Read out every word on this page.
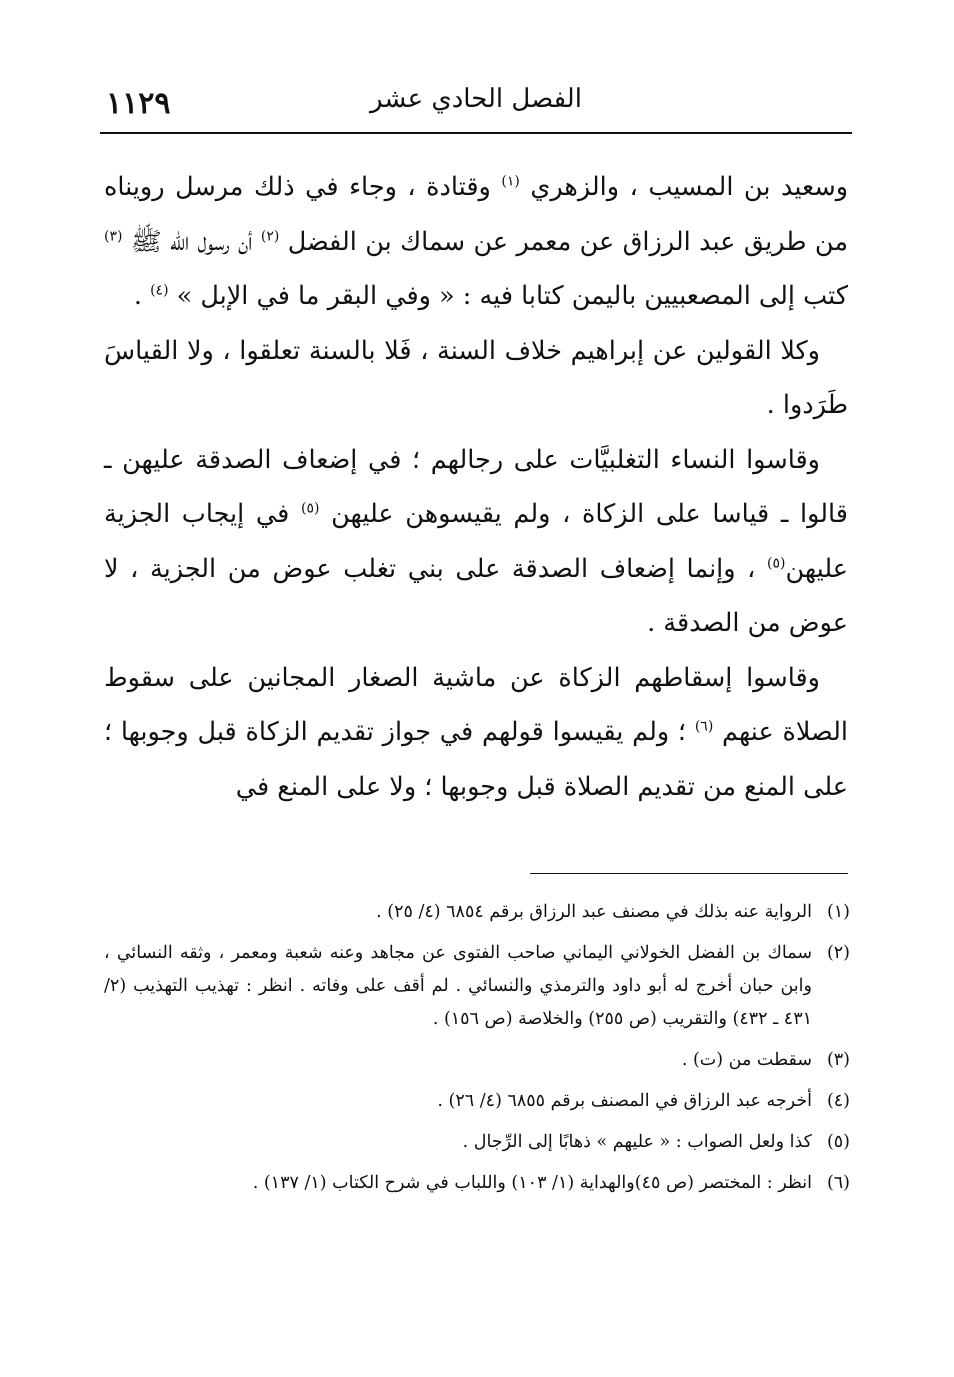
١١٢٩	الفصل الحادي عشر

وسعيد بن المسيب ، والزهري $^{(١)}$ وقتادة ، وجاء في ذلك مرسل رويناه من طريق عبد الرزاق عن معمر عن سماك بن الفضل $^{(٢)}$ أن رسول الله ﷺ $^{(٣)}$ كتب إلى المصعبيين باليمن كتابا فيه : « وفي البقر ما في الإبل » $^{(٤)}$ .

وكلا القولين عن إبراهيم خلاف السنة ، فَلا بالسنة تعلقوا ، ولا القياسَ طَرَدوا .

وقاسوا النساء التغلبيَّات على رجالهم ؛ في إضعاف الصدقة عليهن ـ قالوا ـ قياسا على الزكاة ، ولم يقيسوهن عليهن $^{(٥)}$ في إيجاب الجزية عليهن$^{(٥)}$ ، وإنما إضعاف الصدقة على بني تغلب عوض من الجزية ، لا عوض من الصدقة .

وقاسوا إسقاطهم الزكاة عن ماشية الصغار المجانين على سقوط الصلاة عنهم $^{(٦)}$ ؛ ولم يقيسوا قولهم في جواز تقديم الزكاة قبل وجوبها ؛ على المنع من تقديم الصلاة قبل وجوبها ؛ ولا على المنع في

(١)
الرواية عنه بذلك في مصنف عبد الرزاق برقم ٦٨٥٤ (٤/ ٢٥) .
(٢)
سماك بن الفضل الخولاني اليماني صاحب الفتوى عن مجاهد وعنه شعبة ومعمر ، وثقه النسائي ، وابن حبان أخرج له أبو داود والترمذي والنسائي . لم أقف على وفاته . انظر : تهذيب التهذيب (٢/ ٤٣١ ـ ٤٣٢) والتقريب (ص ٢٥٥) والخلاصة (ص ١٥٦) .
(٣)
سقطت من (ت) .
(٤)
أخرجه عبد الرزاق في المصنف برقم ٦٨٥٥ (٤/ ٢٦) .
(٥)
كذا ولعل الصواب : « عليهم » ذهابًا إلى الرِّجال .
(٦)
انظر : المختصر (ص ٤٥)والهداية (١/ ١٠٣) واللباب في شرح الكتاب (١/ ١٣٧) .
